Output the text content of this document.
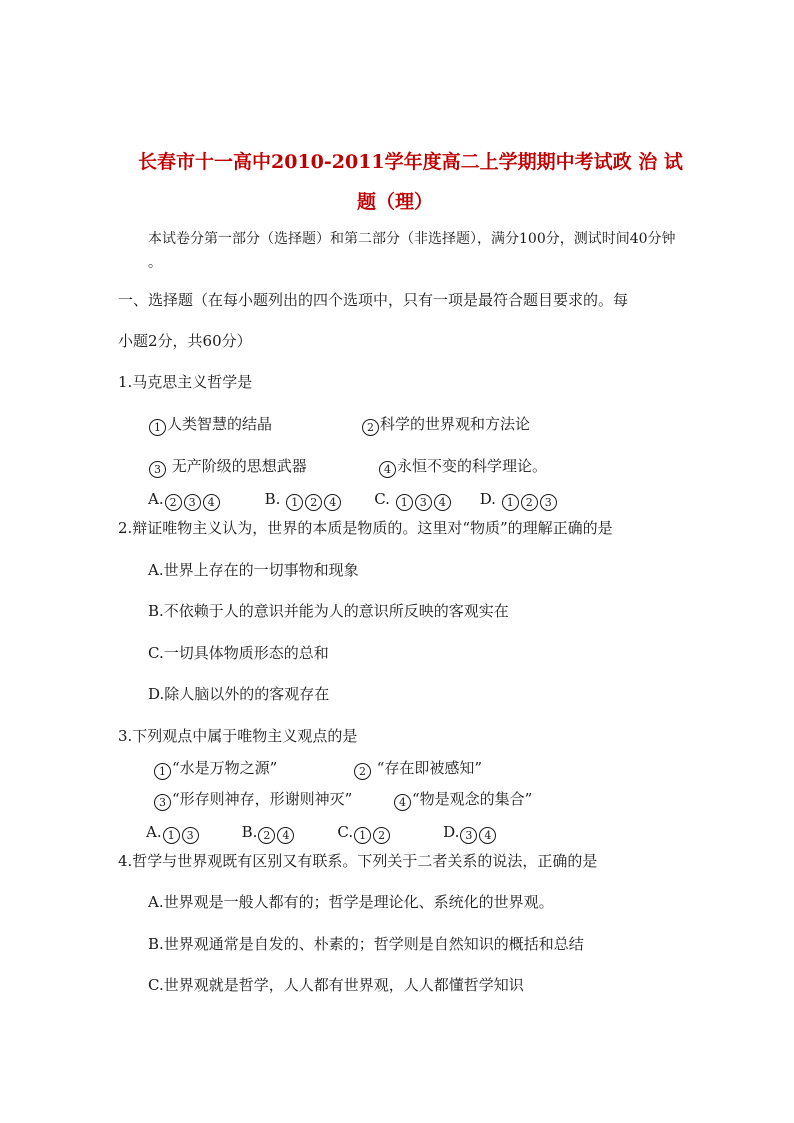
长春市十一高中2010-2011学年度高二上学期期中考试政 治 试
题（理）
本试卷分第一部分（选择题）和第二部分（非选择题），满分100分，测试时间40分钟
。
一、选择题（在每小题列出的四个选项中，只有一项是最符合题目要求的。每
小题2分，共60分）
1.马克思主义哲学是
1 人类智慧的结晶	2 科学的世界观和方法论
3 无产阶级的思想武器	4 永恒不变的科学理论。
A. 2 3 4	B. 1 2 4	C. 1 3 4 D. 1 2 3
2.辩证唯物主义认为，世界的本质是物质的。这里对“物质”的理解正确的是
A.世界上存在的一切事物和现象
B.不依赖于人的意识并能为人的意识所反映的客观实在
C.一切具体物质形态的总和
D.除人脑以外的的客观存在
3.下列观点中属于唯物主义观点的是
1 “水是万物之源”	2 “存在即被感知”
3 “形存则神存，形谢则神灭”	4 “物是观念的集合”
A. 1 3	B. 2 4	C. 1 2	D. 3 4
4.哲学与世界观既有区别又有联系。下列关于二者关系的说法，正确的是
A.世界观是一般人都有的；哲学是理论化、系统化的世界观。
B.世界观通常是自发的、朴素的；哲学则是自然知识的概括和总结
C.世界观就是哲学，人人都有世界观，人人都懂哲学知识
